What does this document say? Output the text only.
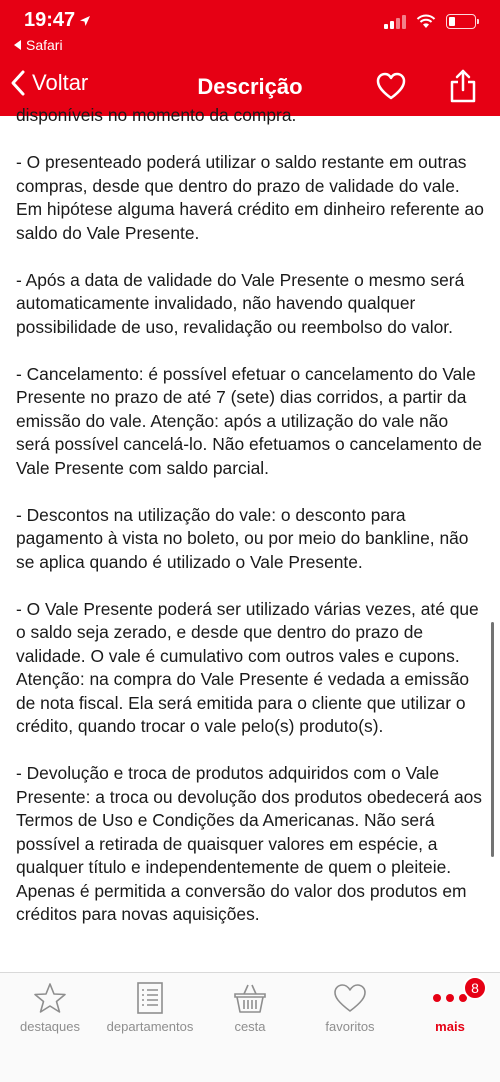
19:47
Safari
Voltar	Descrição

disponíveis no momento da compra.

- O presenteado poderá utilizar o saldo restante em outras compras, desde que dentro do prazo de validade do vale. Em hipótese alguma haverá crédito em dinheiro referente ao saldo do Vale Presente.

- Após a data de validade do Vale Presente o mesmo será automaticamente invalidado, não havendo qualquer possibilidade de uso, revalidação ou reembolso do valor.

- Cancelamento: é possível efetuar o cancelamento do Vale Presente no prazo de até 7 (sete) dias corridos, a partir da emissão do vale. Atenção: após a utilização do vale não será possível cancelá-lo. Não efetuamos o cancelamento de Vale Presente com saldo parcial.

- Descontos na utilização do vale: o desconto para pagamento à vista no boleto, ou por meio do bankline, não se aplica quando é utilizado o Vale Presente.

- O Vale Presente poderá ser utilizado várias vezes, até que o saldo seja zerado, e desde que dentro do prazo de validade. O vale é cumulativo com outros vales e cupons. Atenção: na compra do Vale Presente é vedada a emissão de nota fiscal. Ela será emitida para o cliente que utilizar o crédito, quando trocar o vale pelo(s) produto(s).

- Devolução e troca de produtos adquiridos com o Vale Presente: a troca ou devolução dos produtos obedecerá aos Termos de Uso e Condições da Americanas. Não será possível a retirada de quaisquer valores em espécie, a qualquer título e independentemente de quem o pleiteie. Apenas é permitida a conversão do valor dos produtos em créditos para novas aquisições.

destaques departamentos	cesta	favoritos	mais
8
